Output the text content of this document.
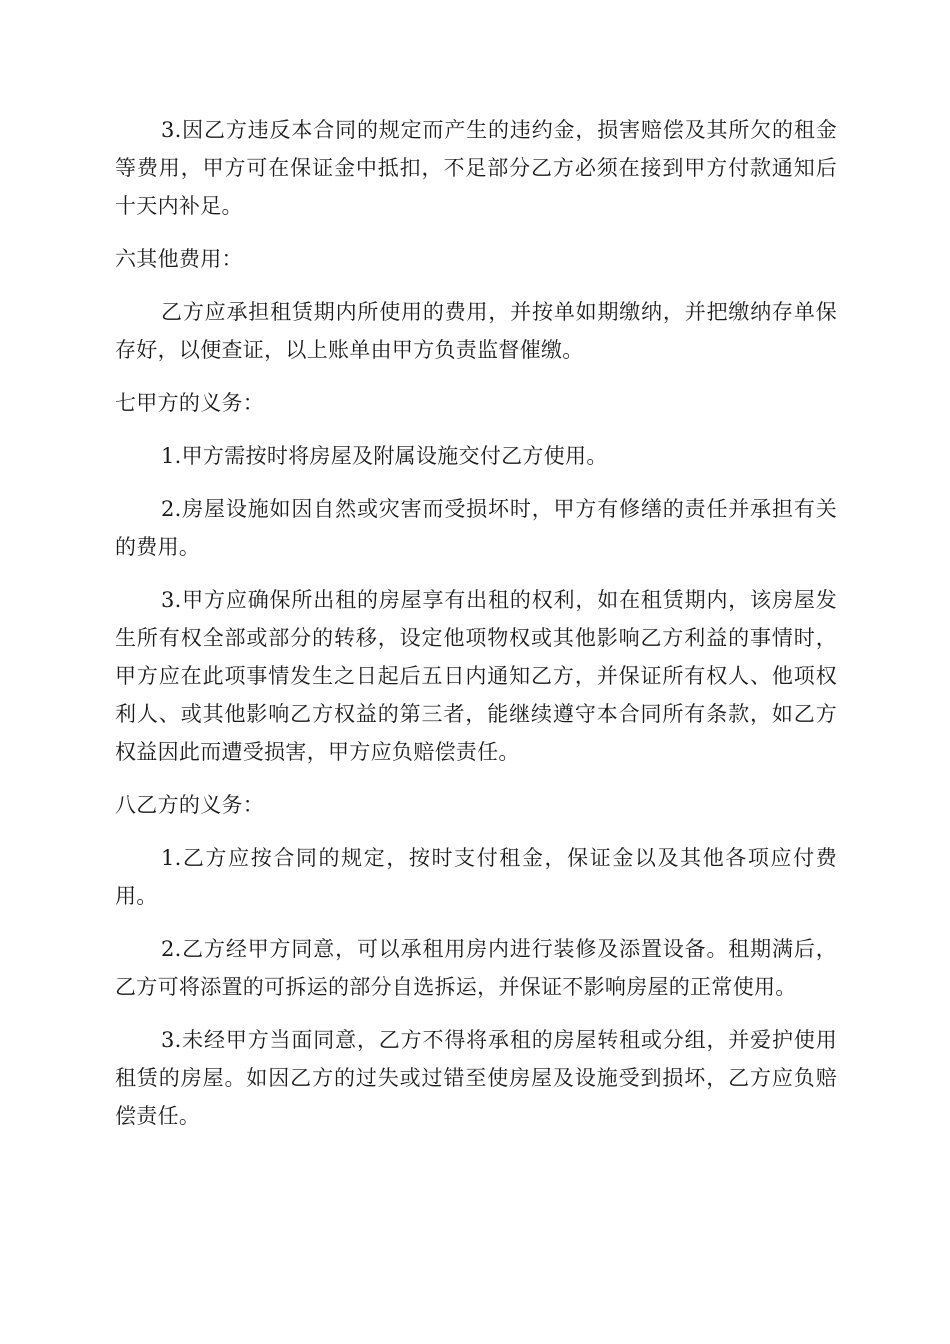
3.因乙方违反本合同的规定而产生的违约金，损害赔偿及其所欠的租金等费用，甲方可在保证金中抵扣，不足部分乙方必须在接到甲方付款通知后十天内补足。

六其他费用：

乙方应承担租赁期内所使用的费用，并按单如期缴纳，并把缴纳存单保存好，以便查证，以上账单由甲方负责监督催缴。

七甲方的义务：

1.甲方需按时将房屋及附属设施交付乙方使用。

2.房屋设施如因自然或灾害而受损坏时，甲方有修缮的责任并承担有关的费用。

3.甲方应确保所出租的房屋享有出租的权利，如在租赁期内，该房屋发生所有权全部或部分的转移，设定他项物权或其他影响乙方利益的事情时，甲方应在此项事情发生之日起后五日内通知乙方，并保证所有权人、他项权利人、或其他影响乙方权益的第三者，能继续遵守本合同所有条款，如乙方权益因此而遭受损害，甲方应负赔偿责任。

八乙方的义务：

1.乙方应按合同的规定，按时支付租金，保证金以及其他各项应付费用。

2.乙方经甲方同意，可以承租用房内进行装修及添置设备。租期满后，乙方可将添置的可拆运的部分自选拆运，并保证不影响房屋的正常使用。

3.未经甲方当面同意，乙方不得将承租的房屋转租或分组，并爱护使用租赁的房屋。如因乙方的过失或过错至使房屋及设施受到损坏，乙方应负赔偿责任。
